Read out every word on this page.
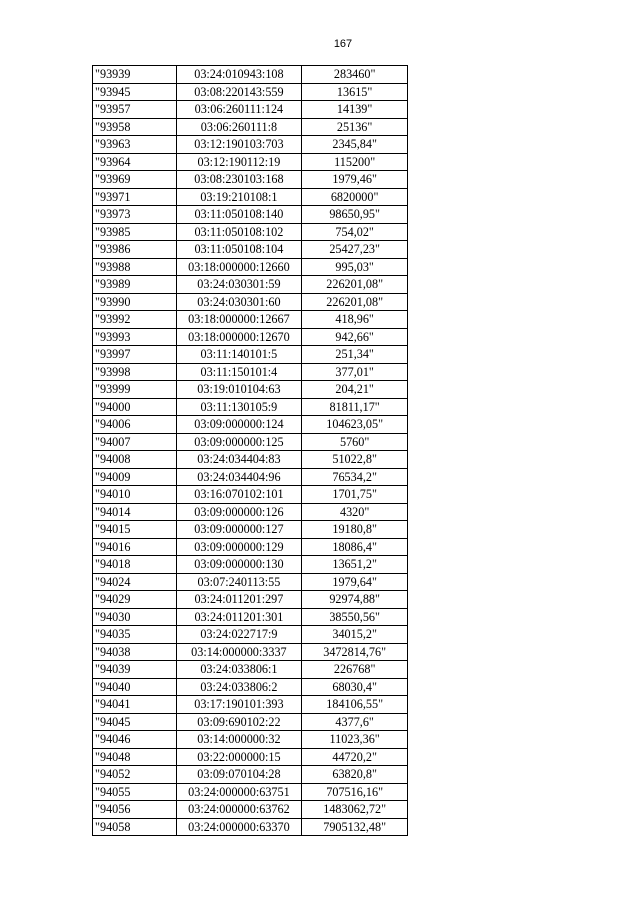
167
"93939	03:24:010943:108	283460"
"93945	03:08:220143:559	13615"
"93957	03:06:260111:124	14139"
"93958	03:06:260111:8	25136"
"93963	03:12:190103:703	2345,84"
"93964	03:12:190112:19	115200"
"93969	03:08:230103:168	1979,46"
"93971	03:19:210108:1	6820000"
"93973	03:11:050108:140	98650,95"
"93985	03:11:050108:102	754,02"
"93986	03:11:050108:104	25427,23"
"93988	03:18:000000:12660	995,03"
"93989	03:24:030301:59	226201,08"
"93990	03:24:030301:60	226201,08"
"93992	03:18:000000:12667	418,96"
"93993	03:18:000000:12670	942,66"
"93997	03:11:140101:5	251,34"
"93998	03:11:150101:4	377,01"
"93999	03:19:010104:63	204,21"
"94000	03:11:130105:9	81811,17"
"94006	03:09:000000:124	104623,05"
"94007	03:09:000000:125	5760"
"94008	03:24:034404:83	51022,8"
"94009	03:24:034404:96	76534,2"
"94010	03:16:070102:101	1701,75"
"94014	03:09:000000:126	4320"
"94015	03:09:000000:127	19180,8"
"94016	03:09:000000:129	18086,4"
"94018	03:09:000000:130	13651,2"
"94024	03:07:240113:55	1979,64"
"94029	03:24:011201:297	92974,88"
"94030	03:24:011201:301	38550,56"
"94035	03:24:022717:9	34015,2"
"94038	03:14:000000:3337	3472814,76"
"94039	03:24:033806:1	226768"
"94040	03:24:033806:2	68030,4"
"94041	03:17:190101:393	184106,55"
"94045	03:09:690102:22	4377,6"
"94046	03:14:000000:32	11023,36"
"94048	03:22:000000:15	44720,2"
"94052	03:09:070104:28	63820,8"
"94055	03:24:000000:63751	707516,16"
"94056	03:24:000000:63762	1483062,72"
"94058	03:24:000000:63370	7905132,48"
